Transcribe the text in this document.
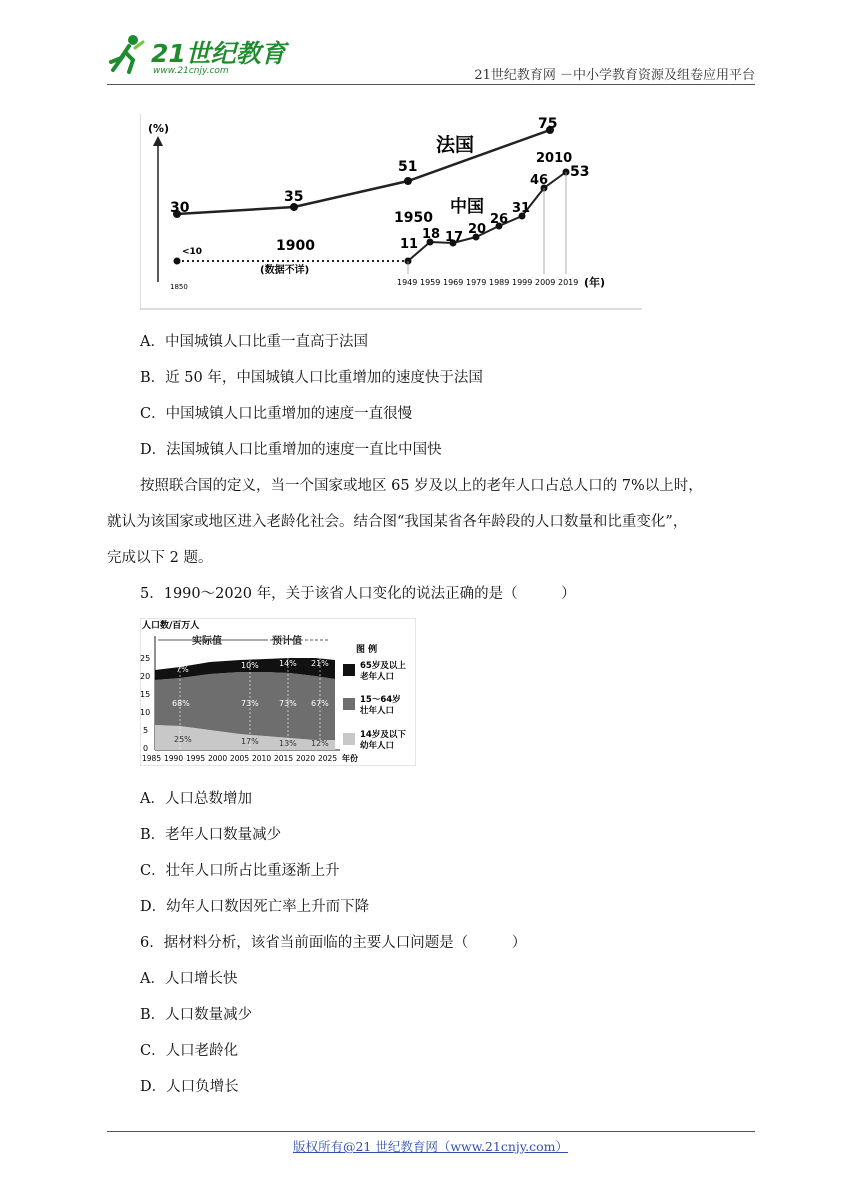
21世纪教育
www.21cnjy.com	21世纪教育网 －中小学教育资源及组卷应用平台
(%)
30
35
51
75
1900
1950
2010
法国
<10	11
18 17
20
26
31
46
53
中国
(数据不详)
1850	1949 1959 1969 1979 1989 1999 2009 2019 (年)
A．中国城镇人口比重一直高于法国
B．近 50 年，中国城镇人口比重增加的速度快于法国
C．中国城镇人口比重增加的速度一直很慢
D．法国城镇人口比重增加的速度一直比中国快
按照联合国的定义，当一个国家或地区 65 岁及以上的老年人口占总人口的 7%以上时，
就认为该国家或地区进入老龄化社会。结合图“我国某省各年龄段的人口数量和比重变化”，
完成以下 2 题。
5．1990～2020 年，关于该省人口变化的说法正确的是（　　　）
人口数/百万人
实际值	预计值
0
5
10
15
20
25
7%	10%	14% 21%
68%	73%	73% 67%
25%	17%	13% 12%
1985 1990 1995 2000 2005 2010 2015 2020 2025 年份
图 例
65岁及以上老年人口
15～64岁壮年人口
14岁及以下幼年人口
A．人口总数增加
B．老年人口数量减少
C．壮年人口所占比重逐渐上升
D．幼年人口数因死亡率上升而下降
6．据材料分析，该省当前面临的主要人口问题是（　　　）
A．人口增长快
B．人口数量减少
C．人口老龄化
D．人口负增长
版权所有@21 世纪教育网（www.21cnjy.com）
